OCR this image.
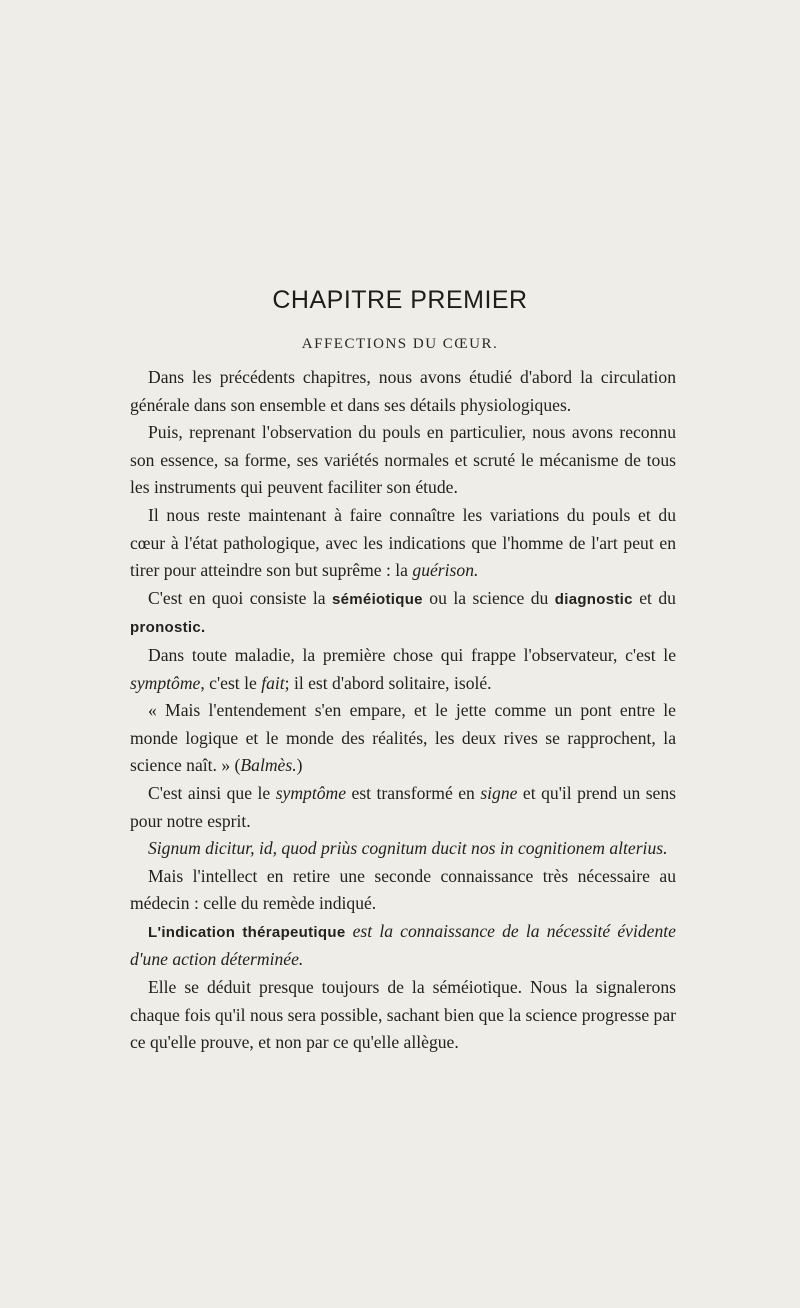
CHAPITRE PREMIER
AFFECTIONS DU CŒUR.

Dans les précédents chapitres, nous avons étudié d'abord la circulation générale dans son ensemble et dans ses détails physiologiques.

Puis, reprenant l'observation du pouls en particulier, nous avons reconnu son essence, sa forme, ses variétés normales et scruté le mécanisme de tous les instruments qui peuvent faciliter son étude.

Il nous reste maintenant à faire connaître les variations du pouls et du cœur à l'état pathologique, avec les indications que l'homme de l'art peut en tirer pour atteindre son but suprême : la guérison.

C'est en quoi consiste la séméiotique ou la science du diagnostic et du pronostic.

Dans toute maladie, la première chose qui frappe l'observateur, c'est le symptôme, c'est le fait; il est d'abord solitaire, isolé.

« Mais l'entendement s'en empare, et le jette comme un pont entre le monde logique et le monde des réalités, les deux rives se rapprochent, la science naît. » (Balmès.)

C'est ainsi que le symptôme est transformé en signe et qu'il prend un sens pour notre esprit.

Signum dicitur, id, quod priùs cognitum ducit nos in cognitionem alterius.

Mais l'intellect en retire une seconde connaissance très nécessaire au médecin : celle du remède indiqué.

L'indication thérapeutique est la connaissance de la nécessité évidente d'une action déterminée.

Elle se déduit presque toujours de la séméiotique. Nous la signalerons chaque fois qu'il nous sera possible, sachant bien que la science progresse par ce qu'elle prouve, et non par ce qu'elle allègue.
